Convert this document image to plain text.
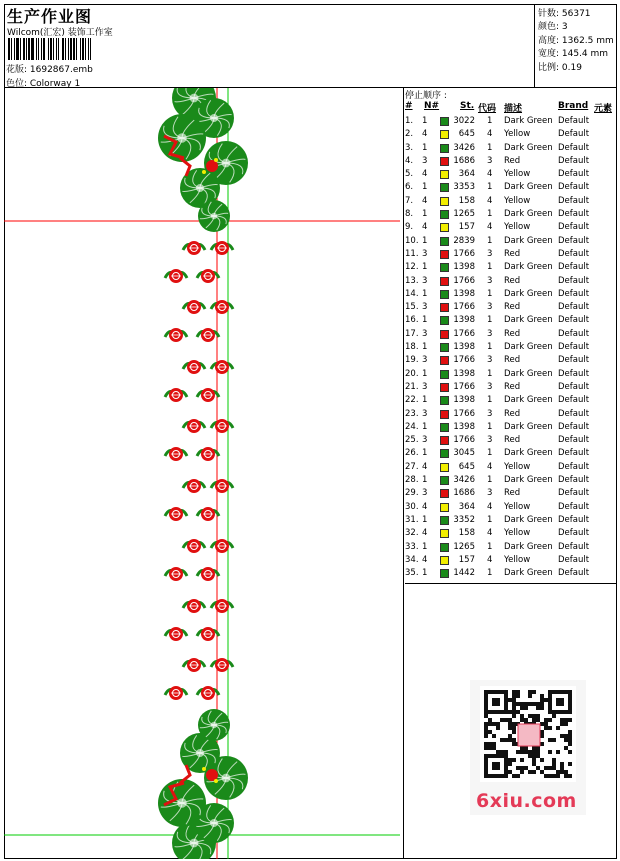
生产作业图
Wilcom(汇宏) 装饰工作室
花版: 1692867.emb
色位: Colorway 1
针数: 56371
颜色: 3
高度: 1362.5 mm
宽度: 145.4 mm
比例: 0.19
停止顺序 :
# N# St. 代码 描述	Brand 元素
1. 1	3022 1 Dark Green Default
2. 4	645 4 Yellow	Default
3. 1	3426 1 Dark Green Default
4. 3	1686 3 Red	Default
5. 4	364 4 Yellow	Default
6. 1	3353 1 Dark Green Default
7. 4	158 4 Yellow	Default
8. 1	1265 1 Dark Green Default
9. 4	157 4 Yellow	Default
10. 1	2839 1 Dark Green Default
11. 3	1766 3 Red	Default
12. 1	1398 1 Dark Green Default
13. 3	1766 3 Red	Default
14. 1	1398 1 Dark Green Default
15. 3	1766 3 Red	Default
16. 1	1398 1 Dark Green Default
17. 3	1766 3 Red	Default
18. 1	1398 1 Dark Green Default
19. 3	1766 3 Red	Default
20. 1	1398 1 Dark Green Default
21. 3	1766 3 Red	Default
22. 1	1398 1 Dark Green Default
23. 3	1766 3 Red	Default
24. 1	1398 1 Dark Green Default
25. 3	1766 3 Red	Default
26. 1	3045 1 Dark Green Default
27. 4	645 4 Yellow	Default
28. 1	3426 1 Dark Green Default
29. 3	1686 3 Red	Default
30. 4	364 4 Yellow	Default
31. 1	3352 1 Dark Green Default
32. 4	158 4 Yellow	Default
33. 1	1265 1 Dark Green Default
34. 4	157 4 Yellow	Default
35. 1	1442 1 Dark Green Default
6xiu.com
